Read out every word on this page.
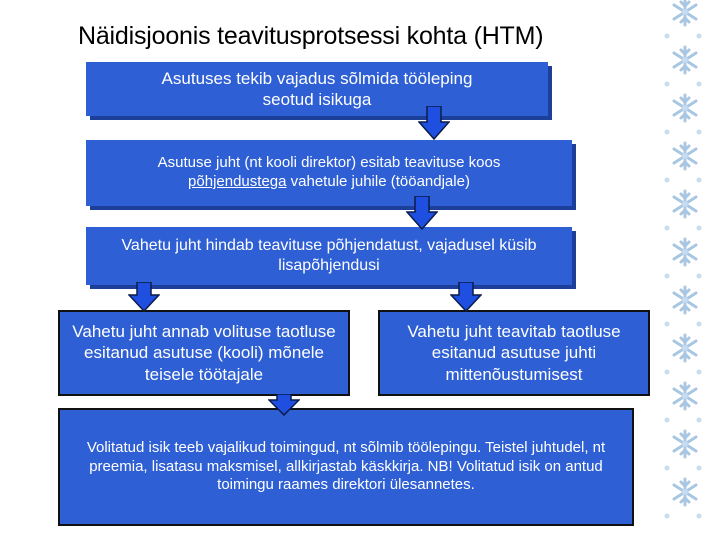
Näidisjoonis teavitusprotsessi kohta (HTM)
Asutuses tekib vajadus sõlmida tööleping seotud isikuga
Asutuse juht (nt kooli direktor) esitab teavituse koos põhjendustega vahetule juhile (tööandjale)
Vahetu juht hindab teavituse põhjendatust, vajadusel küsib lisapõhjendusi
Vahetu juht annab volituse taotluse esitanud asutuse (kooli) mõnele teisele töötajale
Vahetu juht teavitab taotluse esitanud asutuse juhti mittenõustumisest
Volitatud isik teeb vajalikud toimingud, nt sõlmib töölepingu. Teistel juhtudel, nt preemia, lisatasu maksmisel, allkirjastab käskkirja. NB! Volitatud isik on antud toimingu raames direktori ülesannetes.
